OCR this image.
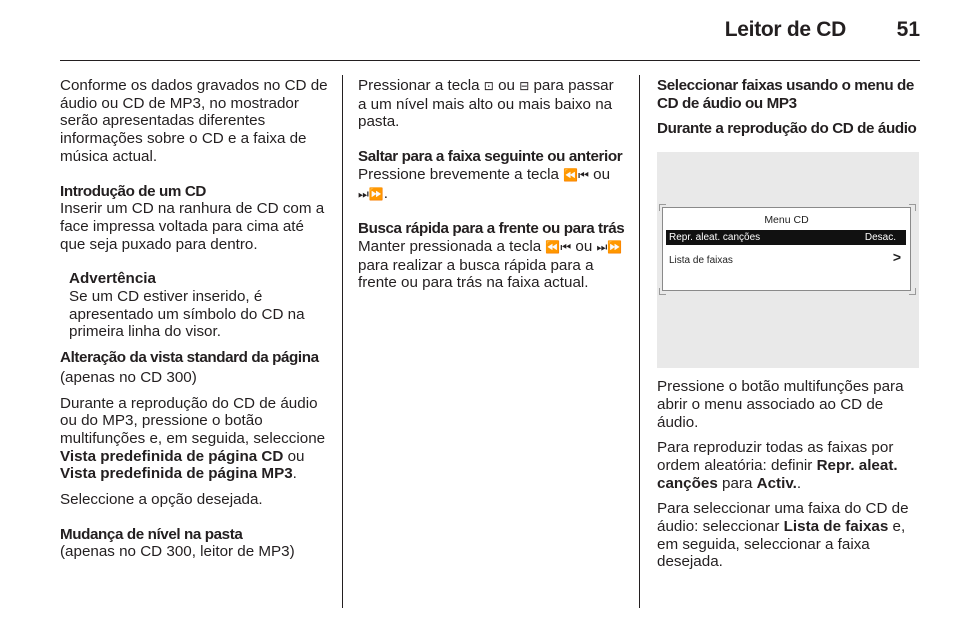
Leitor de CD	51

Conforme os dados gravados no CD de áudio ou CD de MP3, no mostrador serão apresentadas diferentes informações sobre o CD e a faixa de música actual.

Introdução de um CD

Inserir um CD na ranhura de CD com a face impressa voltada para cima até que seja puxado para dentro.

Advertência

Se um CD estiver inserido, é apresentado um símbolo do CD na primeira linha do visor.

Alteração da vista standard da página

(apenas no CD 300)

Durante a reprodução do CD de áudio ou do MP3, pressione o botão multifunções e, em seguida, seleccione Vista predefinida de página CD ou Vista predefinida de página MP3.

Seleccione a opção desejada.

Mudança de nível na pasta

(apenas no CD 300, leitor de MP3)

Pressionar a tecla ⊡ ou ⊟ para passar a um nível mais alto ou mais baixo na pasta.

Saltar para a faixa seguinte ou anterior

Pressione brevemente a tecla ⏪⏮ ou ⏭⏩.

Busca rápida para a frente ou para trás

Manter pressionada a tecla ⏪⏮ ou ⏭⏩ para realizar a busca rápida para a frente ou para trás na faixa actual.

Seleccionar faixas usando o menu de CD de áudio ou MP3

Durante a reprodução do CD de áudio

Menu CD
Repr. aleat. canções	Desac.
Lista de faixas	>

Pressione o botão multifunções para abrir o menu associado ao CD de áudio.

Para reproduzir todas as faixas por ordem aleatória: definir Repr. aleat. canções para Activ..

Para seleccionar uma faixa do CD de áudio: seleccionar Lista de faixas e, em seguida, seleccionar a faixa desejada.
